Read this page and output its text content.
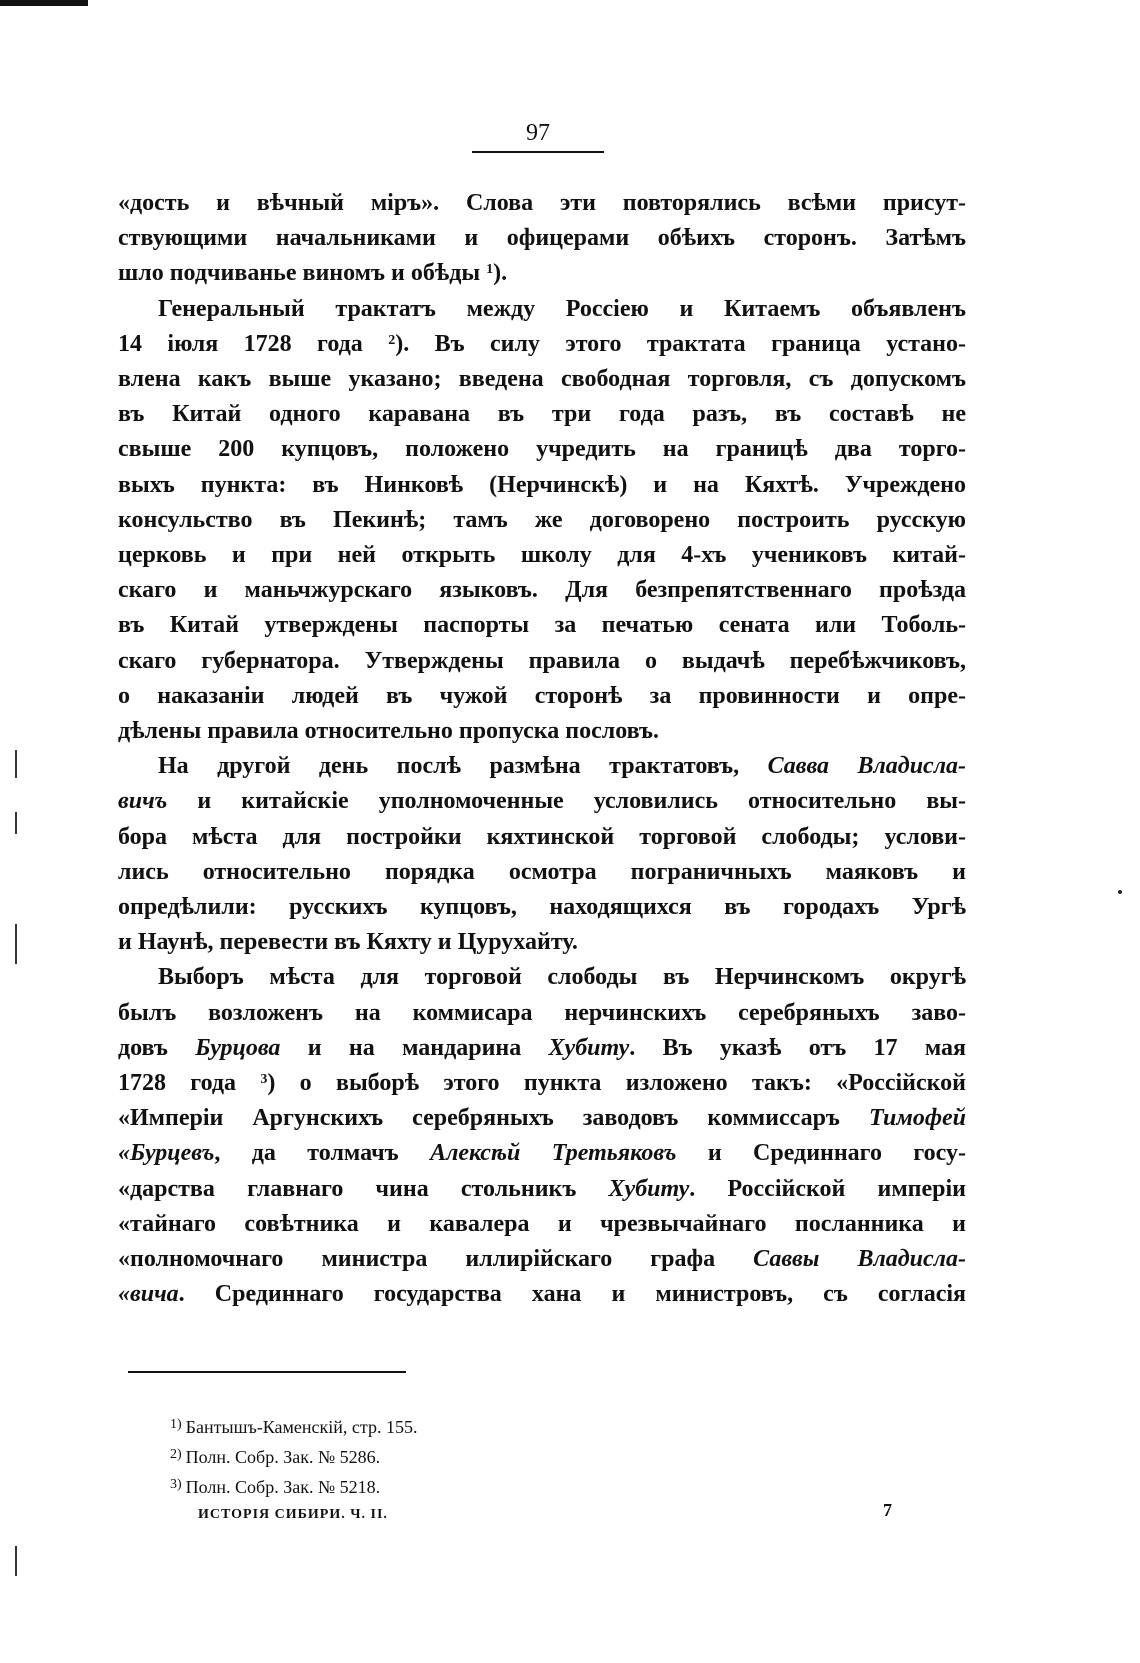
97
«дость и вѣчный міръ». Слова эти повторялись всѣми присут-
ствующими начальниками и офицерами обѣихъ сторонъ. Затѣмъ
шло подчиванье виномъ и обѣды $^1$).
Генеральный трактатъ между Россіею и Китаемъ объявленъ
14 іюля 1728 года $^2$). Въ силу этого трактата граница устано-
влена какъ выше указано; введена свободная торговля, съ допускомъ
въ Китай одного каравана въ три года разъ, въ составѣ не
свыше 200 купцовъ, положено учредить на границѣ два торго-
выхъ пункта: въ Нинковѣ (Нерчинскѣ) и на Кяхтѣ. Учреждено
консульство въ Пекинѣ; тамъ же договорено построить русскую
церковь и при ней открыть школу для 4-хъ учениковъ китай-
скаго и маньчжурскаго языковъ. Для безпрепятственнаго проѣзда
въ Китай утверждены паспорты за печатью сената или Тоболь-
скаго губернатора. Утверждены правила о выдачѣ перебѣжчиковъ,
о наказаніи людей въ чужой сторонѣ за провинности и опре-
дѣлены правила относительно пропуска пословъ.
На другой день послѣ размѣна трактатовъ, Савва Владисла-
вичъ и китайскіе уполномоченные условились относительно вы-
бора мѣста для постройки кяхтинской торговой слободы; услови-
лись относительно порядка осмотра пограничныхъ маяковъ и
опредѣлили: русскихъ купцовъ, находящихся въ городахъ Ургѣ
и Наунѣ, перевести въ Кяхту и Цурухайту.
Выборъ мѣста для торговой слободы въ Нерчинскомъ округѣ
былъ возложенъ на коммисара нерчинскихъ серебряныхъ заво-
довъ Бурцова и на мандарина Хубиту. Въ указѣ отъ 17 мая
1728 года $^3$) о выборѣ этого пункта изложено такъ: «Россійской
«Имперіи Аргунскихъ серебряныхъ заводовъ коммиссаръ Тимофей
«Бурцевъ, да толмачъ Алексѣй Третьяковъ и Срединнаго госу-
«дарства главнаго чина стольникъ Хубиту. Россійской имперіи
«тайнаго совѣтника и кавалера и чрезвычайнаго посланника и
«полномочнаго министра иллирійскаго графа Саввы Владисла-
«вича. Срединнаго государства хана и министровъ, съ согласія
$^{1)}$ Бантышъ-Каменскій, стр. 155.
$^{2)}$ Полн. Собр. Зак. № 5286.
$^{3)}$ Полн. Собр. Зак. № 5218.
ИСТОРІЯ СИБИРИ. Ч. II.	7
